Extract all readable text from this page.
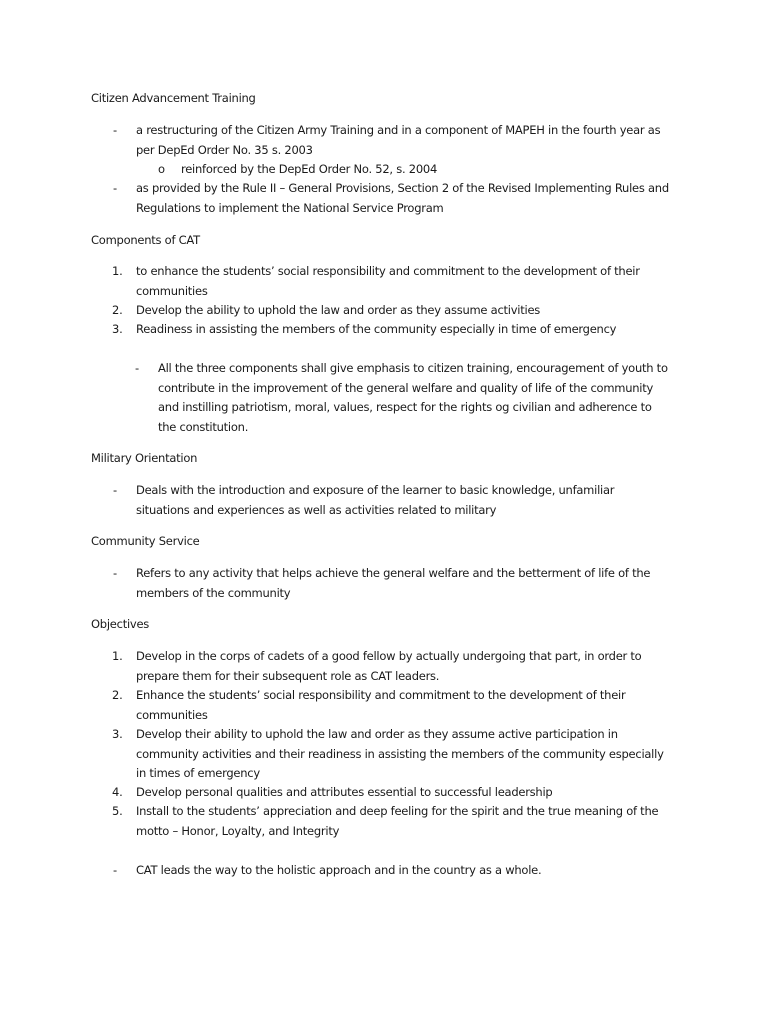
Citizen Advancement Training
- a restructuring of the Citizen Army Training and in a component of MAPEH in the fourth year as
per DepEd Order No. 35 s. 2003
o reinforced by the DepEd Order No. 52, s. 2004
- as provided by the Rule II – General Provisions, Section 2 of the Revised Implementing Rules and
Regulations to implement the National Service Program
Components of CAT
1. to enhance the students’ social responsibility and commitment to the development of their
communities
2. Develop the ability to uphold the law and order as they assume activities
3. Readiness in assisting the members of the community especially in time of emergency
- All the three components shall give emphasis to citizen training, encouragement of youth to
contribute in the improvement of the general welfare and quality of life of the community
and instilling patriotism, moral, values, respect for the rights og civilian and adherence to
the constitution.
Military Orientation
- Deals with the introduction and exposure of the learner to basic knowledge, unfamiliar
situations and experiences as well as activities related to military
Community Service
- Refers to any activity that helps achieve the general welfare and the betterment of life of the
members of the community
Objectives
1. Develop in the corps of cadets of a good fellow by actually undergoing that part, in order to
prepare them for their subsequent role as CAT leaders.
2. Enhance the students’ social responsibility and commitment to the development of their
communities
3. Develop their ability to uphold the law and order as they assume active participation in
community activities and their readiness in assisting the members of the community especially
in times of emergency
4. Develop personal qualities and attributes essential to successful leadership
5. Install to the students’ appreciation and deep feeling for the spirit and the true meaning of the
motto – Honor, Loyalty, and Integrity
- CAT leads the way to the holistic approach and in the country as a whole.
